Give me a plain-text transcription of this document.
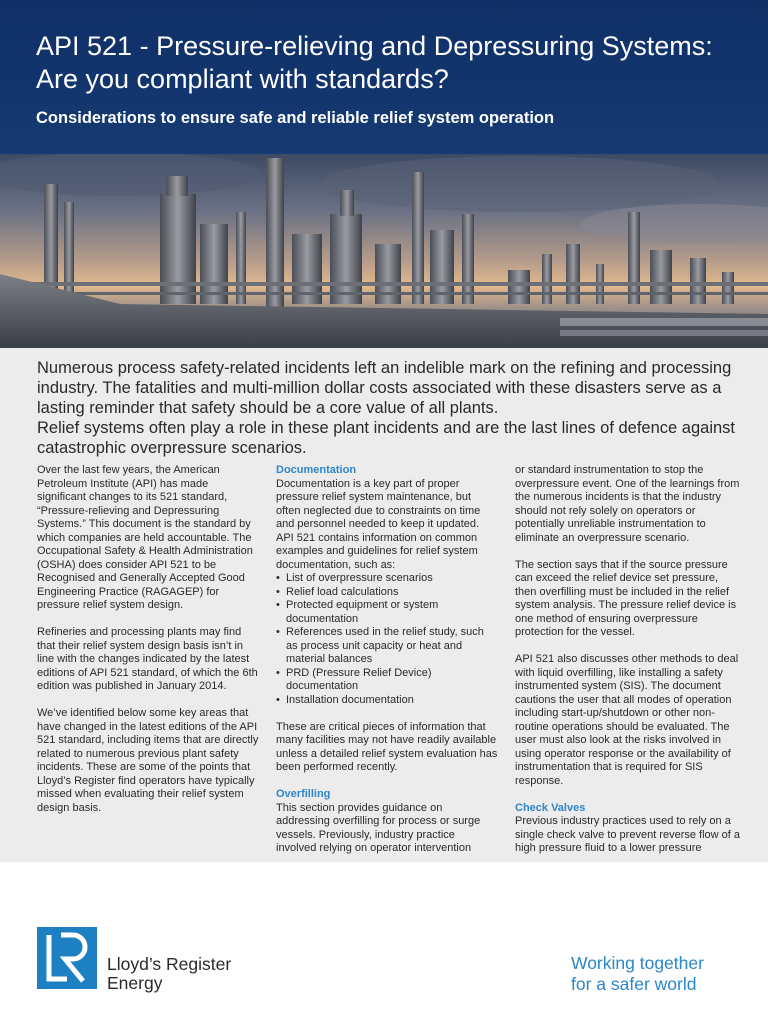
API 521 - Pressure-relieving and Depressuring Systems:
Are you compliant with standards?
Considerations to ensure safe and reliable relief system operation

Numerous process safety-related incidents left an indelible mark on the refining and processing industry. The fatalities and multi-million dollar costs associated with these disasters serve as a lasting reminder that safety should be a core value of all plants.

Relief systems often play a role in these plant incidents and are the last lines of defence against catastrophic overpressure scenarios.

Over the last few years, the American Petroleum Institute (API) has made significant changes to its 521 standard, “Pressure-relieving and Depressuring Systems.” This document is the standard by which companies are held accountable. The Occupational Safety & Health Administration (OSHA) does consider API 521 to be Recognised and Generally Accepted Good Engineering Practice (RAGAGEP) for pressure relief system design.

Refineries and processing plants may find that their relief system design basis isn’t in line with the changes indicated by the latest editions of API 521 standard, of which the 6th edition was published in January 2014.

We’ve identified below some key areas that have changed in the latest editions of the API 521 standard, including items that are directly related to numerous previous plant safety incidents. These are some of the points that Lloyd’s Register find operators have typically missed when evaluating their relief system design basis.

Documentation

Documentation is a key part of proper pressure relief system maintenance, but often neglected due to constraints on time and personnel needed to keep it updated. API 521 contains information on common examples and guidelines for relief system documentation, such as:

• List of overpressure scenarios
• Relief load calculations
• Protected equipment or system documentation
• References used in the relief study, such as process unit capacity or heat and material balances
• PRD (Pressure Relief Device) documentation
• Installation documentation

These are critical pieces of information that many facilities may not have readily available unless a detailed relief system evaluation has been performed recently.

Overfilling

This section provides guidance on addressing overfilling for process or surge vessels. Previously, industry practice involved relying on operator intervention

or standard instrumentation to stop the overpressure event. One of the learnings from the numerous incidents is that the industry should not rely solely on operators or potentially unreliable instrumentation to eliminate an overpressure scenario.

The section says that if the source pressure can exceed the relief device set pressure, then overfilling must be included in the relief system analysis. The pressure relief device is one method of ensuring overpressure protection for the vessel.

API 521 also discusses other methods to deal with liquid overfilling, like installing a safety instrumented system (SIS). The document cautions the user that all modes of operation including start-up/shutdown or other non-routine operations should be evaluated. The user must also look at the risks involved in using operator response or the availability of instrumentation that is required for SIS response.

Check Valves

Previous industry practices used to rely on a single check valve to prevent reverse flow of a high pressure fluid to a lower pressure

Lloyd’s Register
Energy
Working together
for a safer world
